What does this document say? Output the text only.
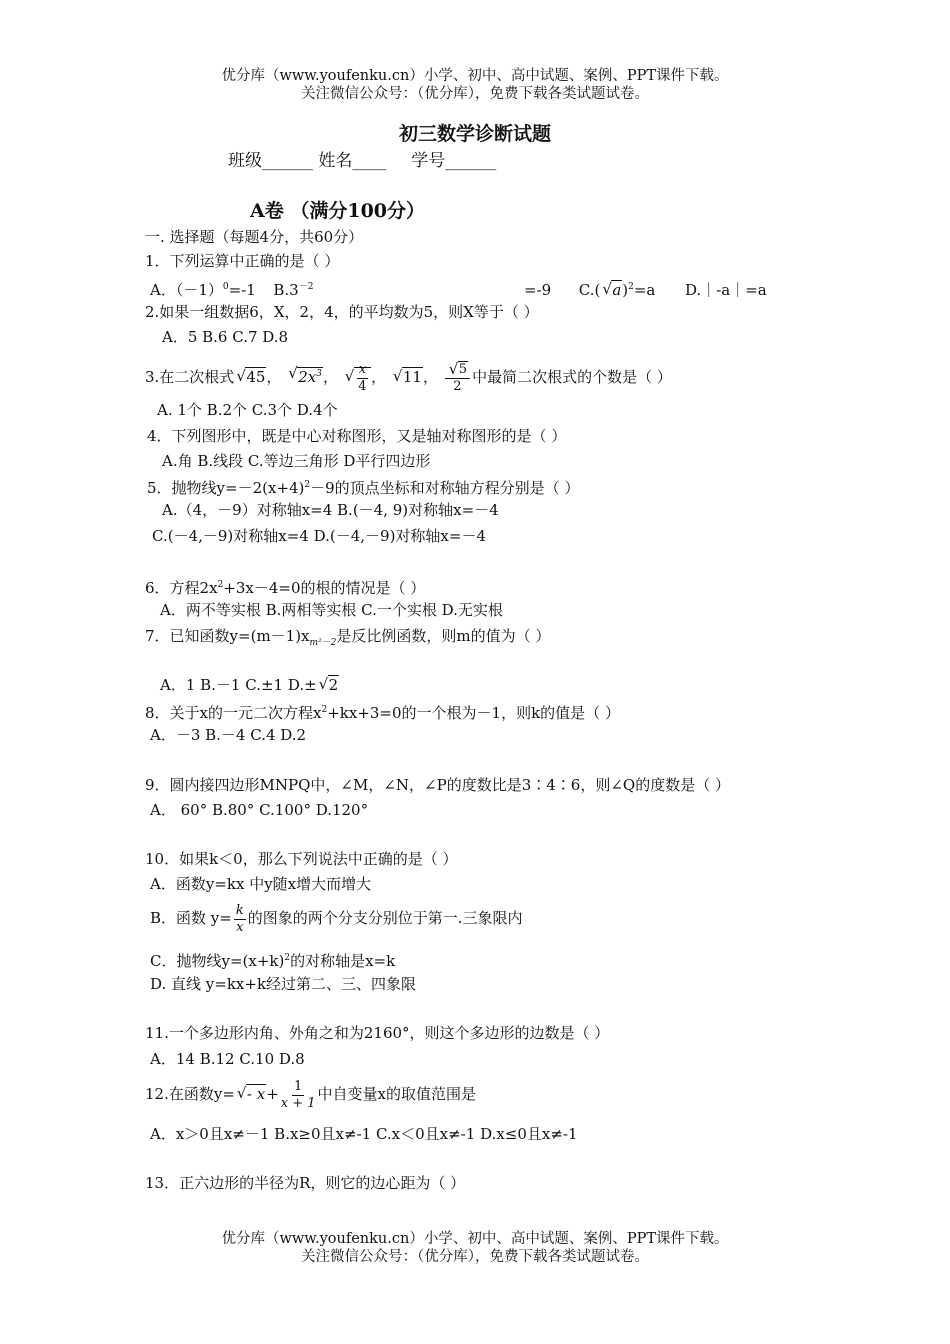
优分库（www.youfenku.cn）小学、初中、高中试题、案例、PPT课件下载。
关注微信公众号：（优分库），免费下载各类试题试卷。
初三数学诊断试题
班级______ 姓名____ 学号______
A卷 （满分100分）
一. 选择题（每题4分，共60分）
1．下列运算中正确的是（ ）
A．$(-1)^0=-1$ $B.3^{-2}$	=-9 C.(√ a)$^2$=a D.｜-a｜=a
2.如果一组数据6，X，2，4，的平均数为5，则X等于（ ）
A．5 B.6 C.7 D.8
3.在二次根式√ 45， √ $2x^3$，
√ $\frac{x}{4}$ ， √ 11，
√ $\frac{5}{2}$ 中最简二次根式的个数是（ ）
A. 1个 B.2个 C.3个 D.4个
4．下列图形中，既是中心对称图形，又是轴对称图形的是（ ）
A.角 B.线段 C.等边三角形 D平行四边形
5．抛物线$y=-2(x+4)^2-9$的顶点坐标和对称轴方程分别是（ ）
A.（4，－9）对称轴x=4 B.(－4, 9)对称轴x=－4
C.(－4,－9)对称轴x=4 D.(－4,－9)对称轴x=－4
6．方程$2x^2+3x-4=0$的根的情况是（ ）
A．两不等实根 B.两相等实根 C.一个实根 D.无实根
7．已知函数$y=(m-1)x_{m^2-2}$是反比例函数，则m的值为（ ）
A．1 B.－1 C.±1 D.±√ 2
8．关于x的一元二次方程$x^2+kx+3=0$的一个根为－1，则k的值是（ ）
A．－3 B.－4 C.4 D.2
9．圆内接四边形MNPQ中，∠M，∠N，∠P的度数比是3∶4∶6，则∠Q的度数是（ ）
A． 60° B.80° C.100° D.120°
10．如果k＜0，那么下列说法中正确的是（ ）
A．函数y=kx 中y随x增大而增大
B．函数 $y= \frac{k}{x}$ 的图象的两个分支分别位于第一.三象限内
C．抛物线$y=(x+k)^2$的对称轴是x=k
D. 直线 y=kx+k经过第二、三、四象限
11.一个多边形内角、外角之和为2160°，则这个多边形的边数是（ ）
A．14 B.12 C.10 D.8
12.在函数$y=√ - x+ \frac{1}{x + 1}$ 中自变量x的取值范围是
A．x＞0且x≠－1 B.x≥0且x≠-1 C.x＜0且x≠-1 D.x≤0且x≠-1
13．正六边形的半径为R，则它的边心距为（ ）
优分库（www.youfenku.cn）小学、初中、高中试题、案例、PPT课件下载。
关注微信公众号：（优分库），免费下载各类试题试卷。
